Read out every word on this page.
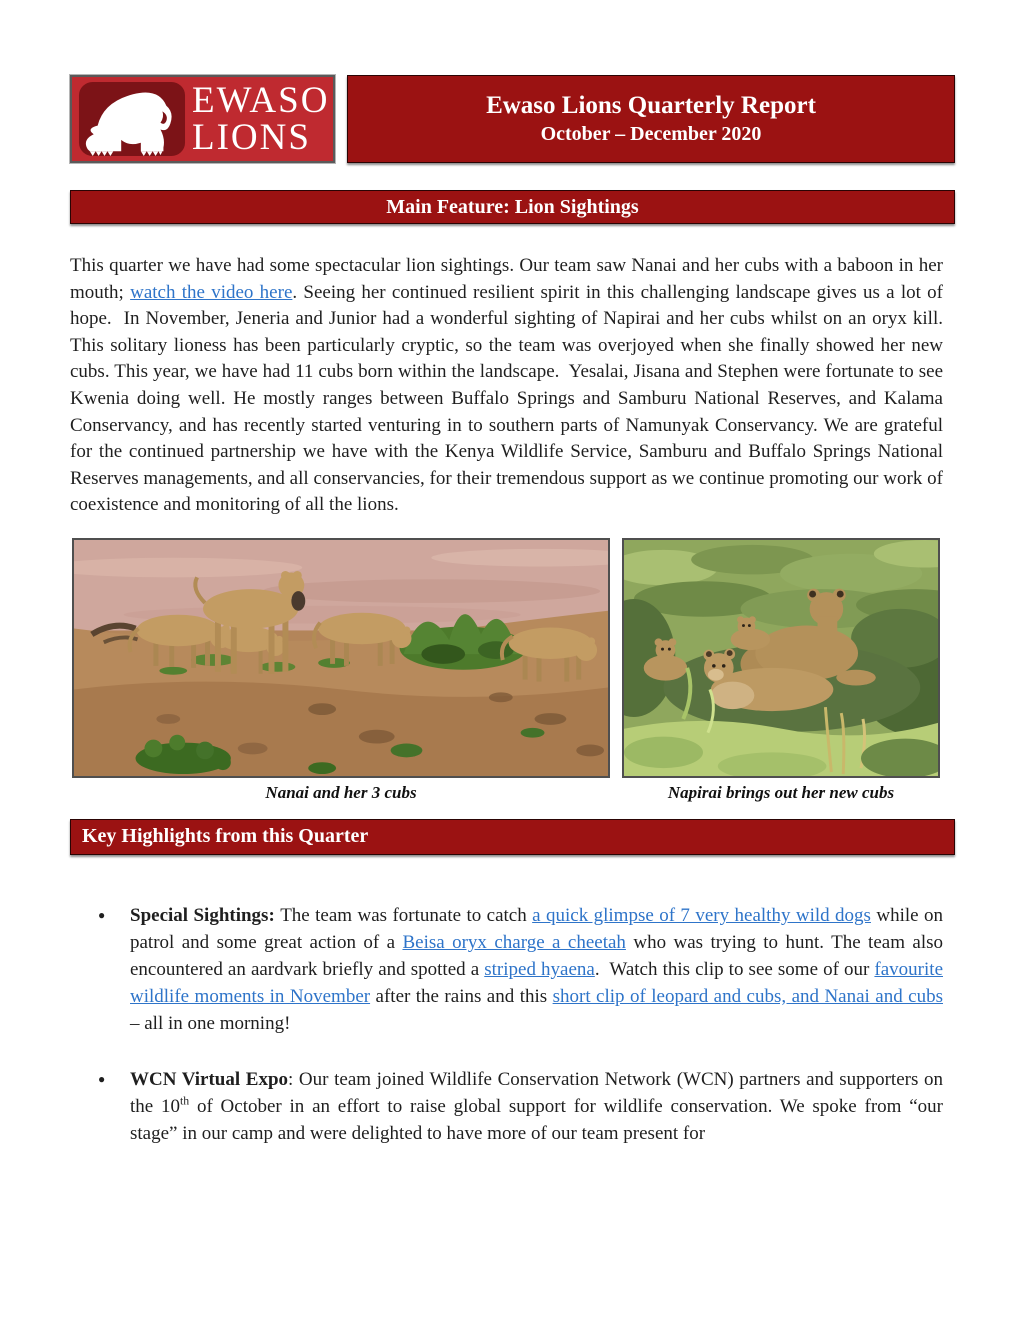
EWASO
LIONS
Ewaso Lions Quarterly Report
October – December 2020
Main Feature: Lion Sightings

This quarter we have had some spectacular lion sightings. Our team saw Nanai and her cubs with a baboon in her mouth; watch the video here. Seeing her continued resilient spirit in this challenging landscape gives us a lot of hope.  In November, Jeneria and Junior had a wonderful sighting of Napirai and her cubs whilst on an oryx kill. This solitary lioness has been particularly cryptic, so the team was overjoyed when she finally showed her new cubs. This year, we have had 11 cubs born within the landscape.  Yesalai, Jisana and Stephen were fortunate to see Kwenia doing well. He mostly ranges between Buffalo Springs and Samburu National Reserves, and Kalama Conservancy, and has recently started venturing in to southern parts of Namunyak Conservancy. We are grateful for the continued partnership we have with the Kenya Wildlife Service, Samburu and Buffalo Springs National Reserves managements, and all conservancies, for their tremendous support as we continue promoting our work of coexistence and monitoring of all the lions.

Nanai and her 3 cubs	Napirai brings out her new cubs
Key Highlights from this Quarter
● Special Sightings: The team was fortunate to catch a quick glimpse of 7 very healthy wild dogs while on patrol and some great action of a Beisa oryx charge a cheetah who was trying to hunt. The team also encountered an aardvark briefly and spotted a striped hyaena.  Watch this clip to see some of our favourite wildlife moments in November after the rains and this short clip of leopard and cubs, and Nanai and cubs – all in one morning!
● WCN Virtual Expo: Our team joined Wildlife Conservation Network (WCN) partners and supporters on the 10th of October in an effort to raise global support for wildlife conservation. We spoke from “our stage” in our camp and were delighted to have more of our team present for
